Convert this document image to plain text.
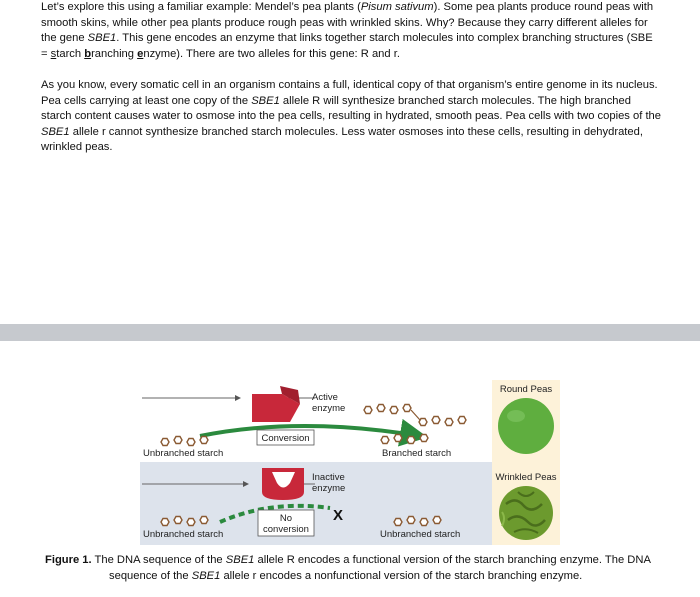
Let’s explore this using a familiar example: Mendel’s pea plants (Pisum sativum). Some pea plants produce round peas with smooth skins, while other pea plants produce rough peas with wrinkled skins. Why? Because they carry different alleles for the gene SBE1. This gene encodes an enzyme that links together starch molecules into complex branching structures (SBE = starch branching enzyme). There are two alleles for this gene: R and r.
As you know, every somatic cell in an organism contains a full, identical copy of that organism’s entire genome in its nucleus. Pea cells carrying at least one copy of the SBE1 allele R will synthesize branched starch molecules. The high branched starch content causes water to osmose into the pea cells, resulting in hydrated, smooth peas. Pea cells with two copies of the SBE1 allele r cannot synthesize branched starch molecules. Less water osmoses into these cells, resulting in dehydrated, wrinkled peas.
Active
enzyme
Conversion
Unbranched starch	Branched starch
Round Peas
Inactive
enzyme
No
conversion
X
Unbranched starch	Unbranched starch
Wrinkled Peas
Figure 1. The DNA sequence of the SBE1 allele R encodes a functional version of the starch branching enzyme. The DNA
sequence of the SBE1 allele r encodes a nonfunctional version of the starch branching enzyme.
